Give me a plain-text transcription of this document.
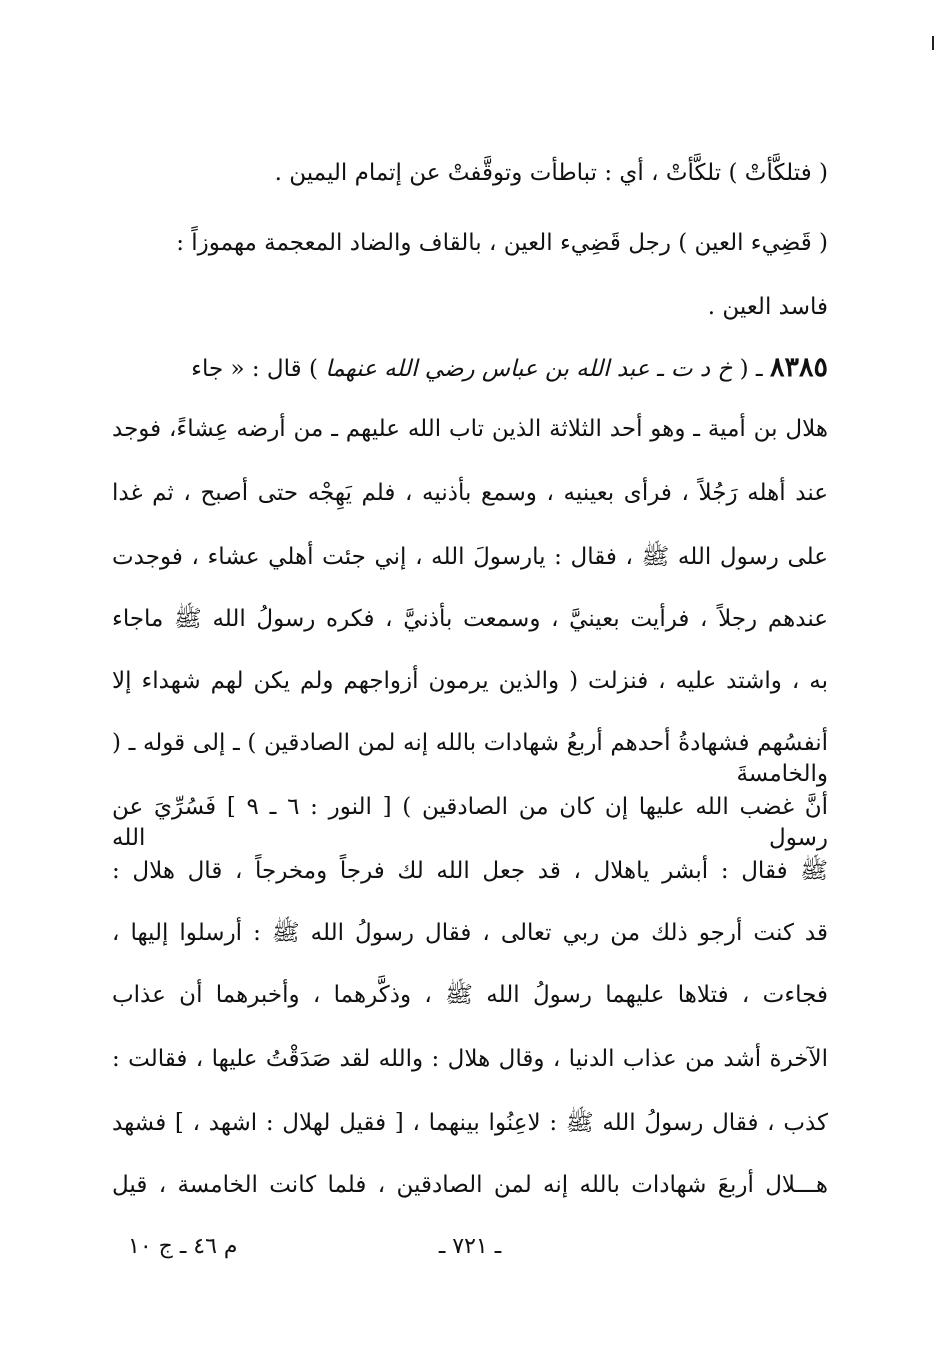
( فتلكَّأتْ ) تلكَّأتْ ، أي : تباطأت وتوقَّفتْ عن إتمام اليمين .
( قَضِيء العين ) رجل قَضِيء العين ، بالقاف والضاد المعجمة مهموزاً :
فاسد العين .
٨٣٨٥ ـ ( خ د ت ـ عبد الله بن عباس رضي الله عنهما ) قال : « جاء
هلال بن أمية ـ وهو أحد الثلاثة الذين تاب الله عليهم ـ من أرضه عِشاءً، فوجد
عند أهله رَجُلاً ، فرأى بعينيه ، وسمع بأذنيه ، فلم يَهِجْه حتى أصبح ، ثم غدا
على رسول الله ﷺ ، فقال : يارسولَ الله ، إني جئت أهلي عشاء ، فوجدت
عندهم رجلاً ، فرأيت بعينيَّ ، وسمعت بأذنيَّ ، فكره رسولُ الله ﷺ ماجاء
به ، واشتد عليه ، فنزلت ( والذين يرمون أزواجهم ولم يكن لهم شهداء إلا
أنفسُهم فشهادةُ أحدهم أربعُ شهادات بالله إنه لمن الصادقين ) ـ إلى قوله ـ ( والخامسةَ
أنَّ غضب الله عليها إن كان من الصادقين ) [ النور : ٦ ـ ٩ ] فَسُرِّيَ عن رسول الله
ﷺ فقال : أبشر ياهلال ، قد جعل الله لك فرجاً ومخرجاً ، قال هلال :
قد كنت أرجو ذلك من ربي تعالى ، فقال رسولُ الله ﷺ : أرسلوا إليها ،
فجاءت ، فتلاها عليهما رسولُ الله ﷺ ، وذكَّرهما ، وأخبرهما أن عذاب
الآخرة أشد من عذاب الدنيا ، وقال هلال : والله لقد صَدَقْتُ عليها ، فقالت :
كذب ، فقال رسولُ الله ﷺ : لاعِنُوا بينهما ، [ فقيل لهلال : اشهد ، ] فشهد
هـــلال أربعَ شهادات بالله إنه لمن الصادقين ، فلما كانت الخامسة ، قيل
ـ ٧٢١ ـ
م ٤٦ ـ ج ١٠
